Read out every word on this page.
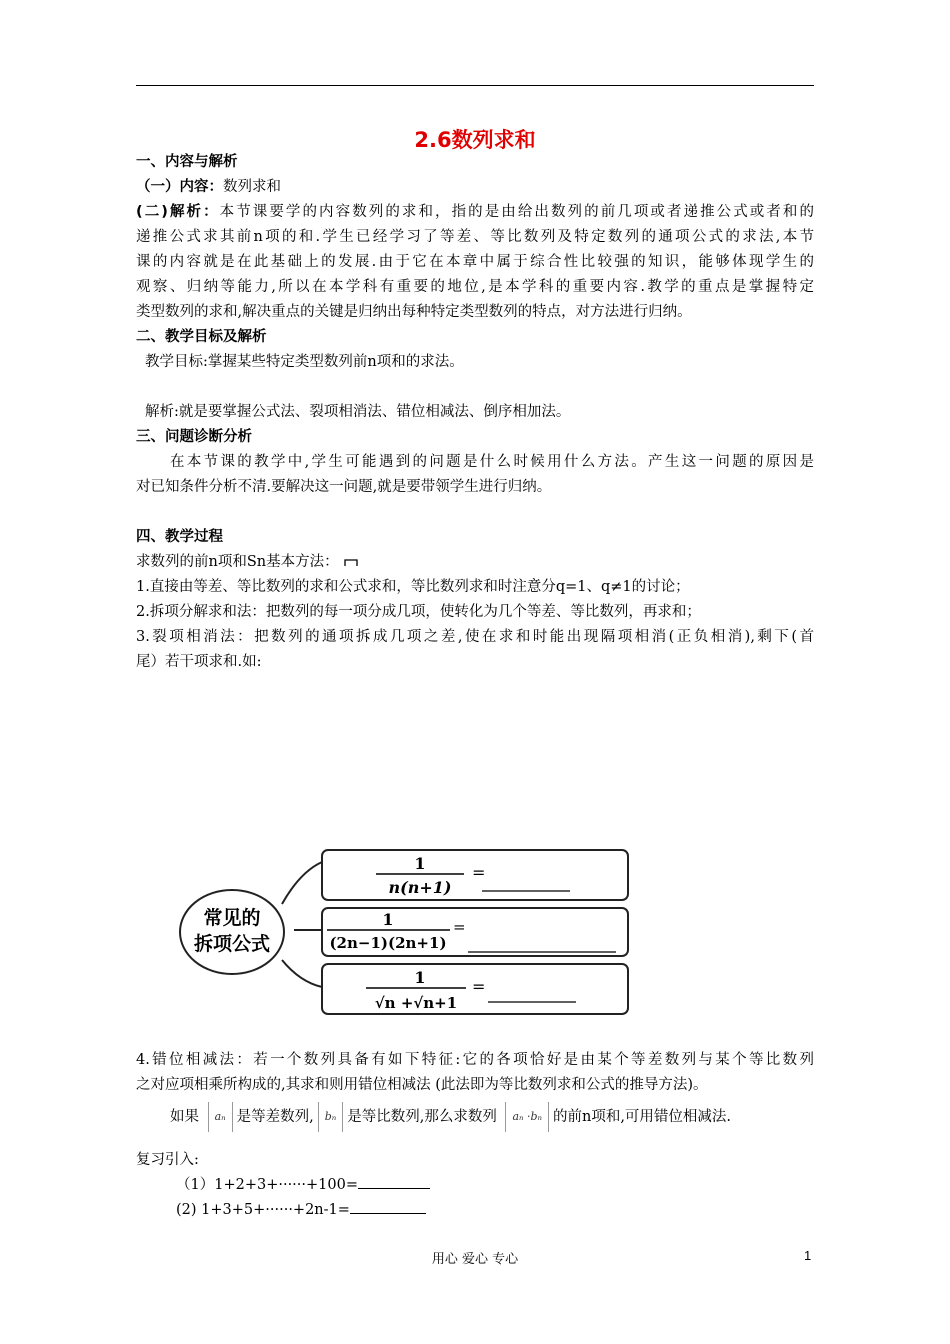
2.6数列求和
一、内容与解析
（一）内容：数列求和
(二)解析：本节课要学的内容数列的求和，指的是由给出数列的前几项或者递推公式或者和的
递推公式求其前n项的和.学生已经学习了等差、等比数列及特定数列的通项公式的求法,本节
课的内容就是在此基础上的发展.由于它在本章中属于综合性比较强的知识，能够体现学生的
观察、归纳等能力,所以在本学科有重要的地位,是本学科的重要内容.教学的重点是掌握特定
类型数列的求和,解决重点的关键是归纳出每种特定类型数列的特点，对方法进行归纳。
二、教学目标及解析
教学目标:掌握某些特定类型数列前n项和的求法。
解析:就是要掌握公式法、裂项相消法、错位相减法、倒序相加法。
三、问题诊断分析
在本节课的教学中,学生可能遇到的问题是什么时候用什么方法。产生这一问题的原因是
对已知条件分析不清.要解决这一问题,就是要带领学生进行归纳。
四、教学过程
求数列的前n项和Sn基本方法：
1.直接由等差、等比数列的求和公式求和，等比数列求和时注意分q=1、q≠1的讨论；
2.拆项分解求和法：把数列的每一项分成几项，使转化为几个等差、等比数列，再求和；
3.裂项相消法：把数列的通项拆成几项之差,使在求和时能出现隔项相消(正负相消),剩下(首
尾）若干项求和.如:
常见的
拆项公式
1
n(n+1)
=
1
(2n−1)(2n+1)
=
1
√n +√n+1
=
4.错位相减法：若一个数列具备有如下特征:它的各项恰好是由某个等差数列与某个等比数列
之对应项相乘所构成的,其求和则用错位相减法 (此法即为等比数列求和公式的推导方法)。
如果 aₙ 是等差数列, bₙ 是等比数列,那么求数列 aₙ ·bₙ 的前n项和,可用错位相减法.
复习引入:
（1）1+2+3+······+100=
(2) 1+3+5+······+2n-1=
用心 爱心 专心	1
